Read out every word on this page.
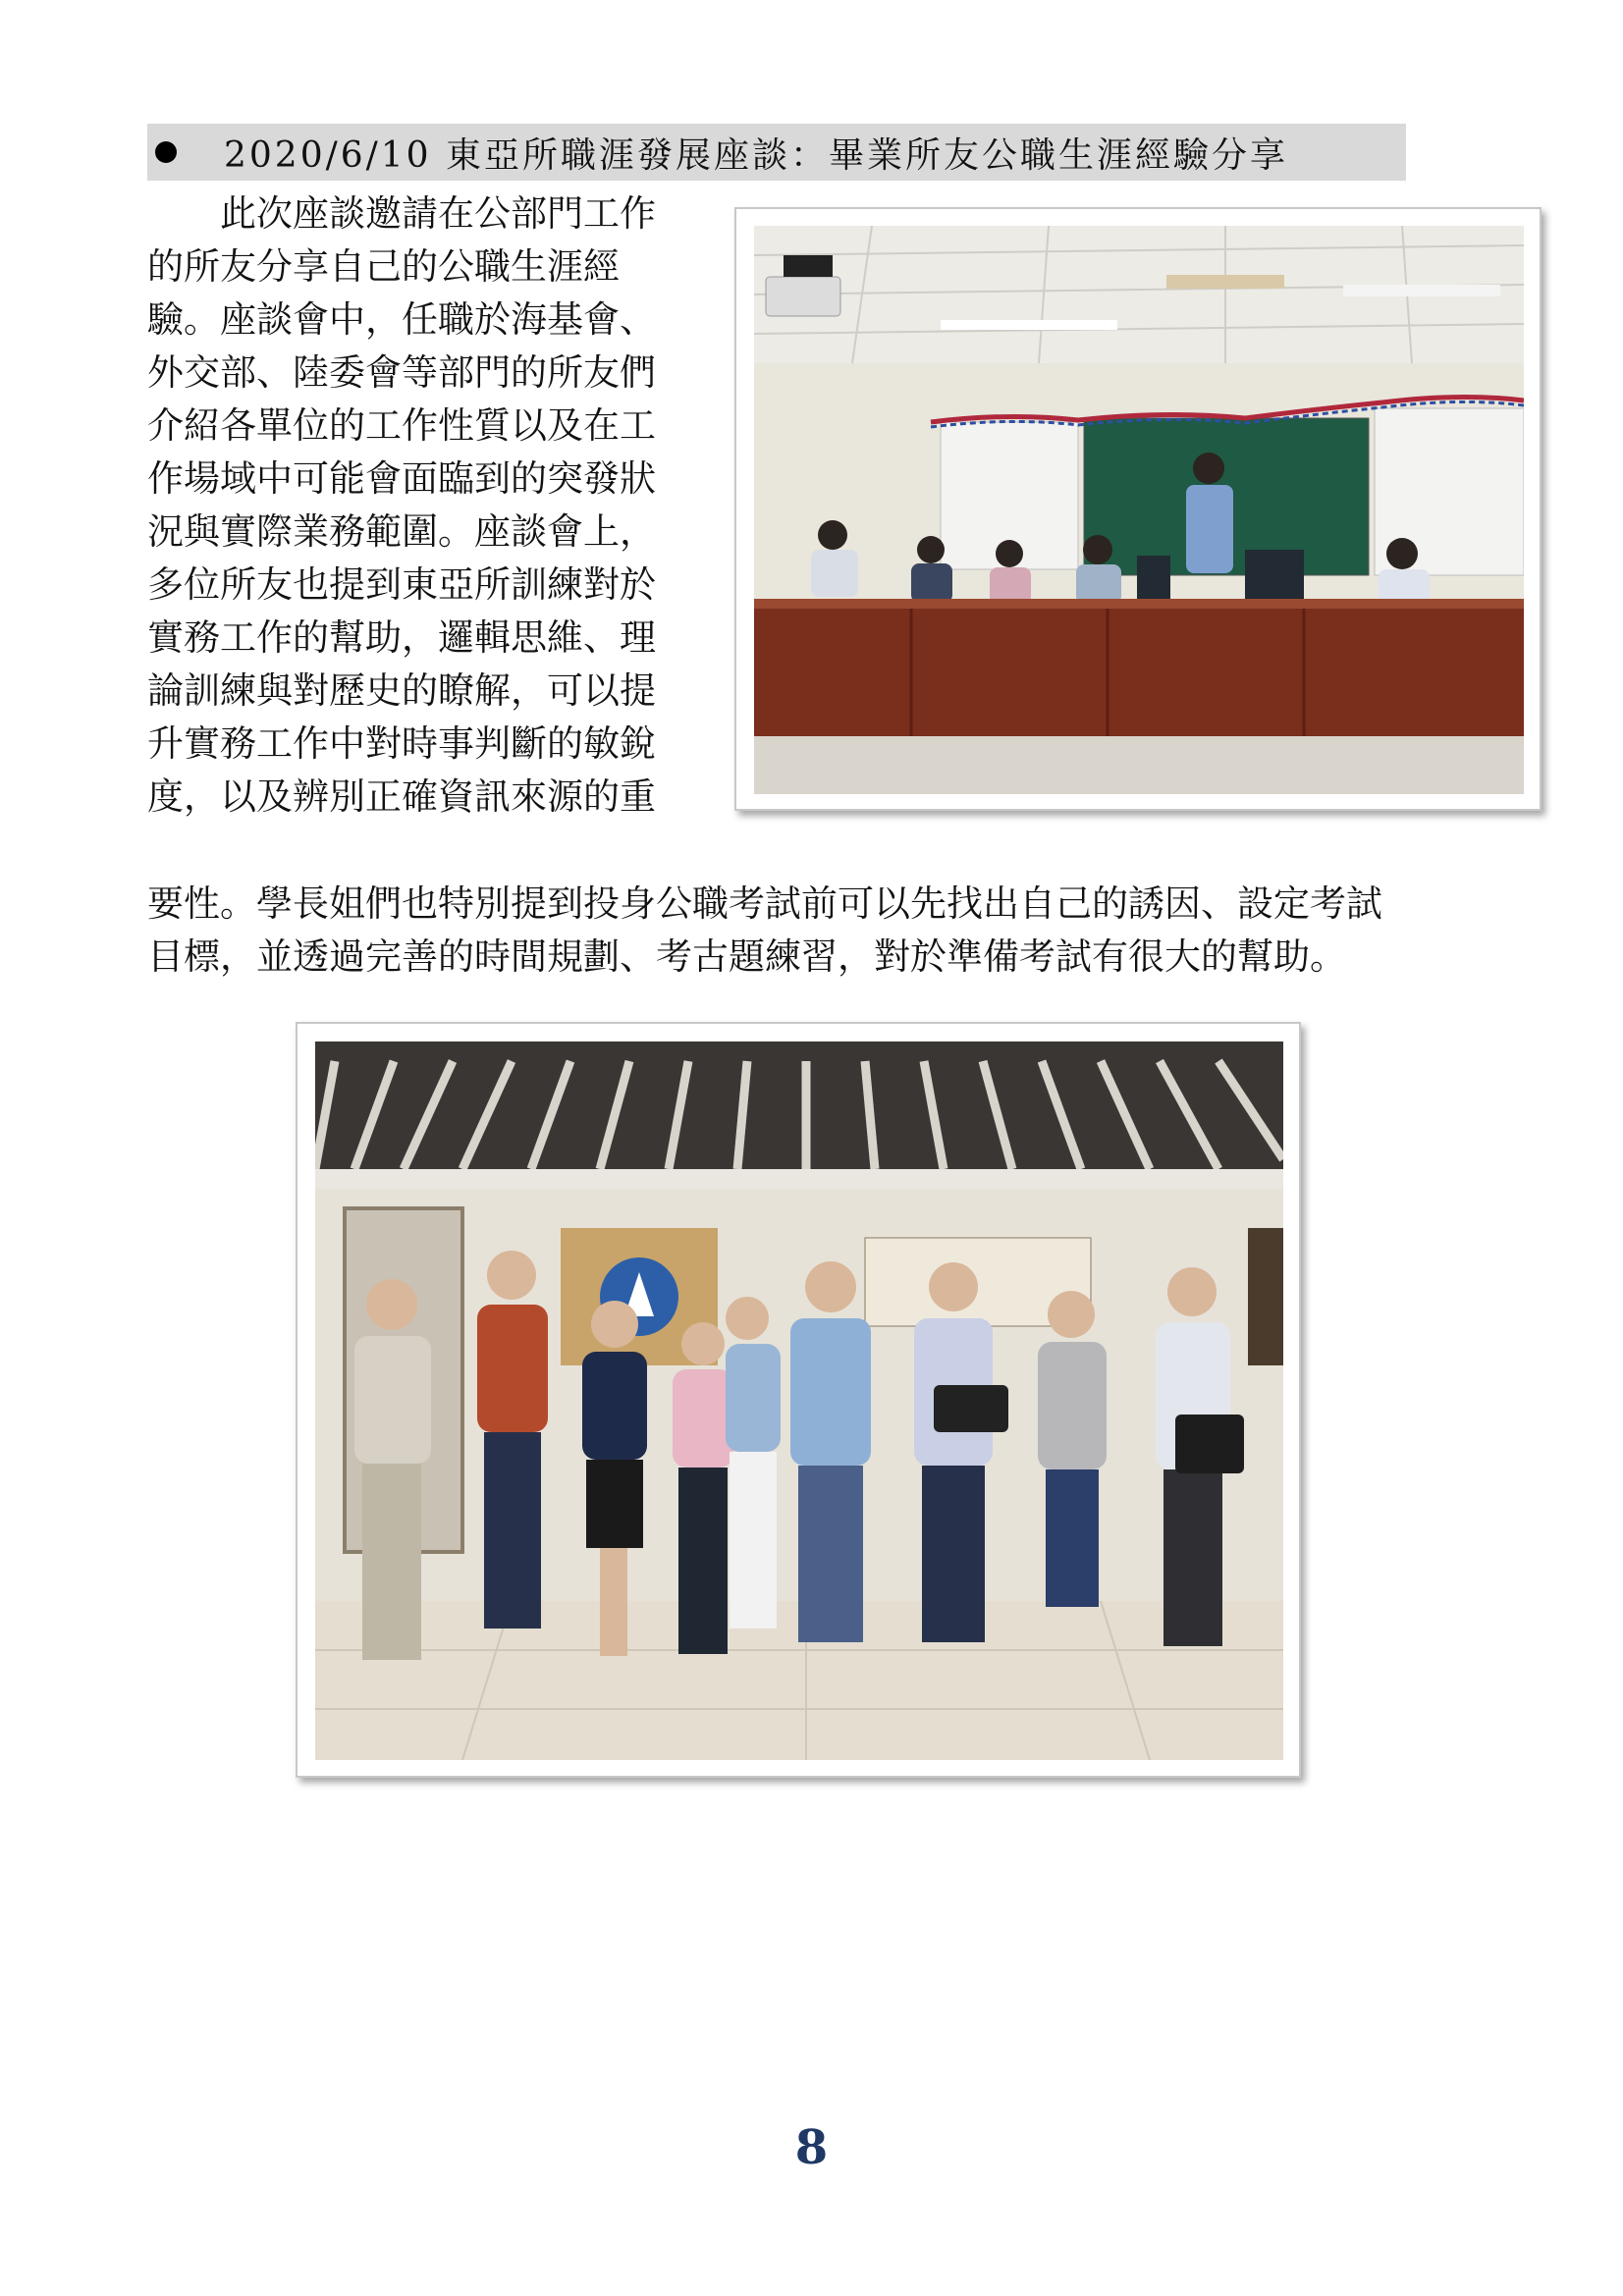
2020/6/10 東亞所職涯發展座談：畢業所友公職生涯經驗分享
　　此次座談邀請在公部門工作
的所友分享自己的公職生涯經
驗。座談會中，任職於海基會、
外交部、陸委會等部門的所友們
介紹各單位的工作性質以及在工
作場域中可能會面臨到的突發狀
況與實際業務範圍。座談會上，
多位所友也提到東亞所訓練對於
實務工作的幫助，邏輯思維、理
論訓練與對歷史的瞭解，可以提
升實務工作中對時事判斷的敏銳
度，以及辨別正確資訊來源的重
要性。學長姐們也特別提到投身公職考試前可以先找出自己的誘因、設定考試
目標，並透過完善的時間規劃、考古題練習，對於準備考試有很大的幫助。
8
